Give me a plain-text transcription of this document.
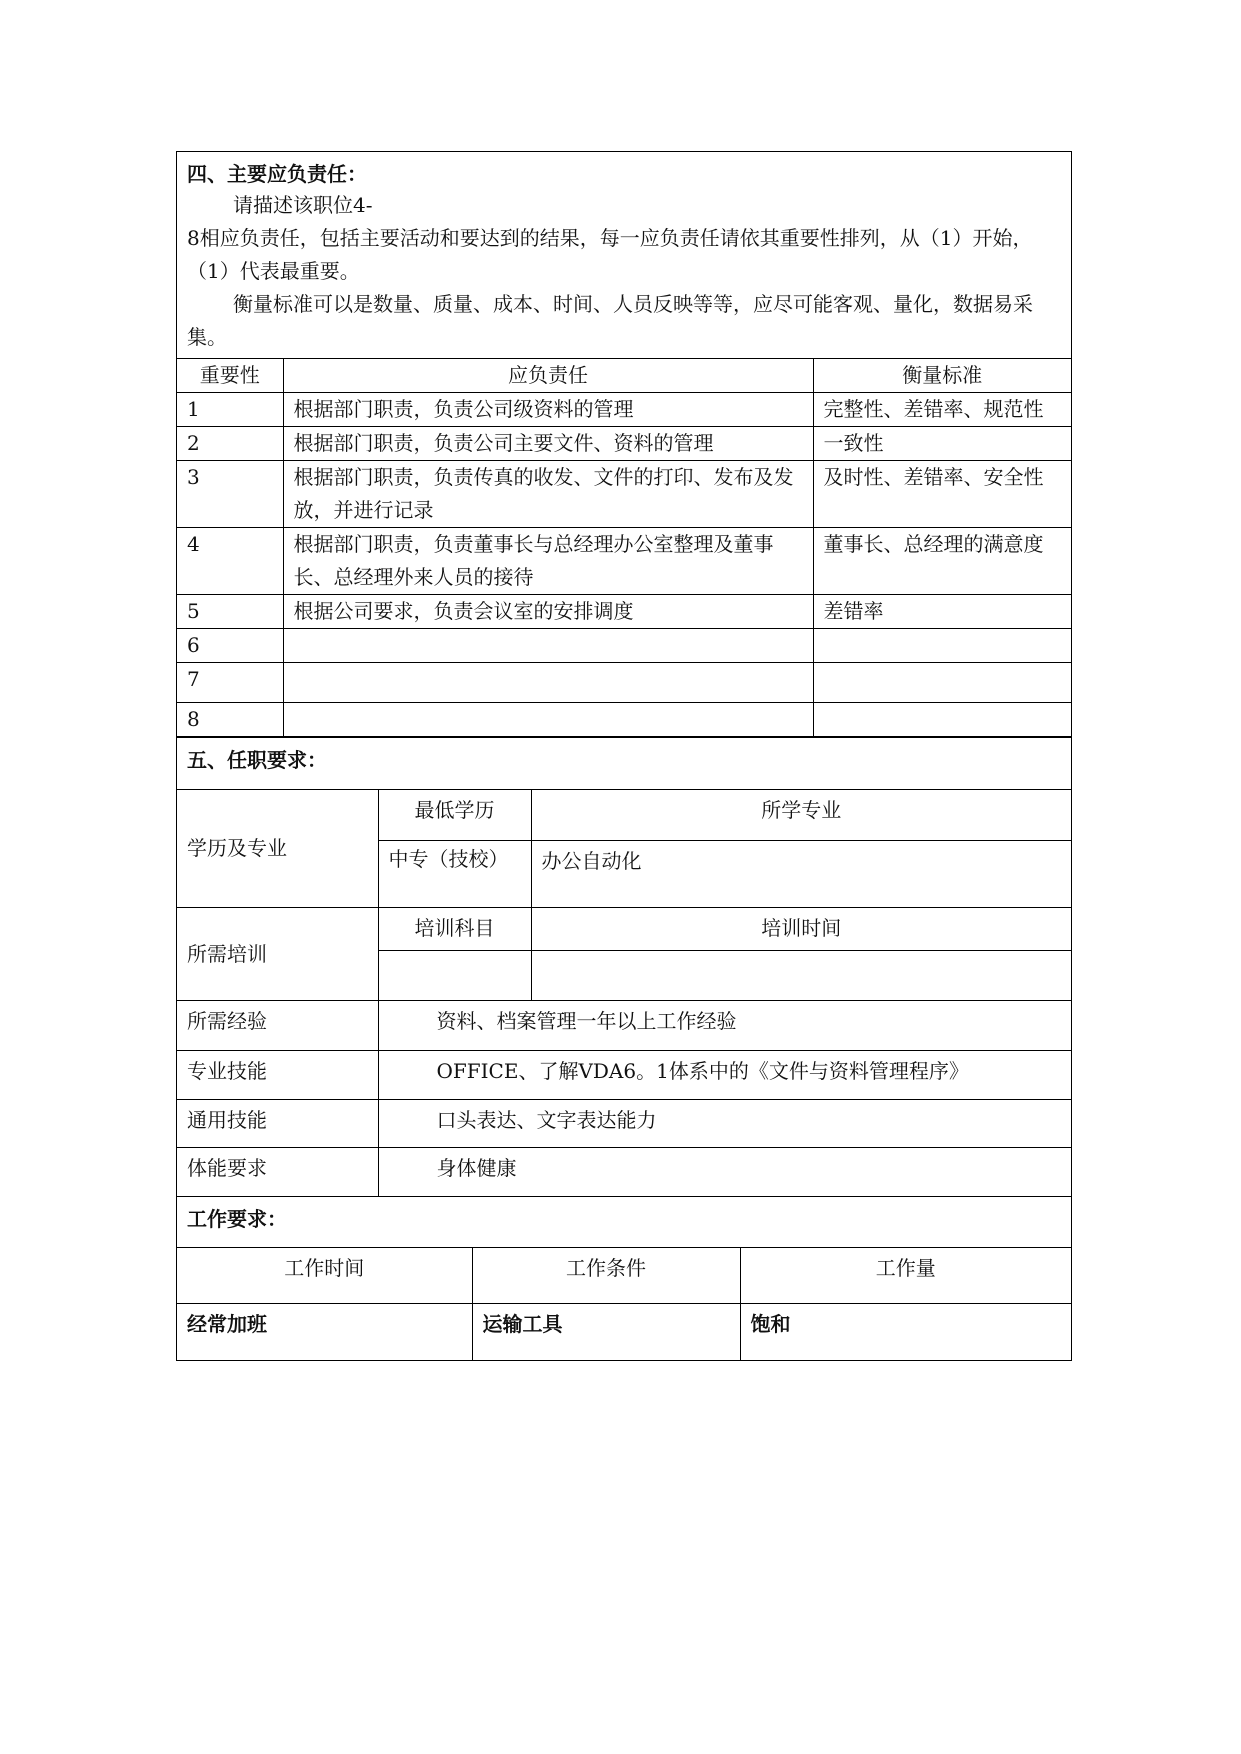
四、主要应负责任：
请描述该职位4-
8相应负责任，包括主要活动和要达到的结果，每一应负责任请依其重要性排列，从（1）开始，（1）代表最重要。
衡量标准可以是数量、质量、成本、时间、人员反映等等，应尽可能客观、量化，数据易采集。
重要性	应负责任	衡量标准
1	根据部门职责，负责公司级资料的管理	完整性、差错率、规范性
2	根据部门职责，负责公司主要文件、资料的管理	一致性
3	根据部门职责，负责传真的收发、文件的打印、发布及发放，并进行记录	及时性、差错率、安全性
4	根据部门职责，负责董事长与总经理办公室整理及董事长、总经理外来人员的接待	董事长、总经理的满意度
5	根据公司要求，负责会议室的安排调度	差错率
6		
7		
8		
五、任职要求：
学历及专业	最低学历	所学专业
	中专（技校）	办公自动化
所需培训	培训科目	培训时间

所需经验	资料、档案管理一年以上工作经验	
专业技能	OFFICE、了解VDA6。1体系中的《文件与资料管理程序》	
通用技能	口头表达、文字表达能力	
体能要求	身体健康	
工作要求：
工作时间	工作条件	工作量
经常加班	运输工具	饱和
